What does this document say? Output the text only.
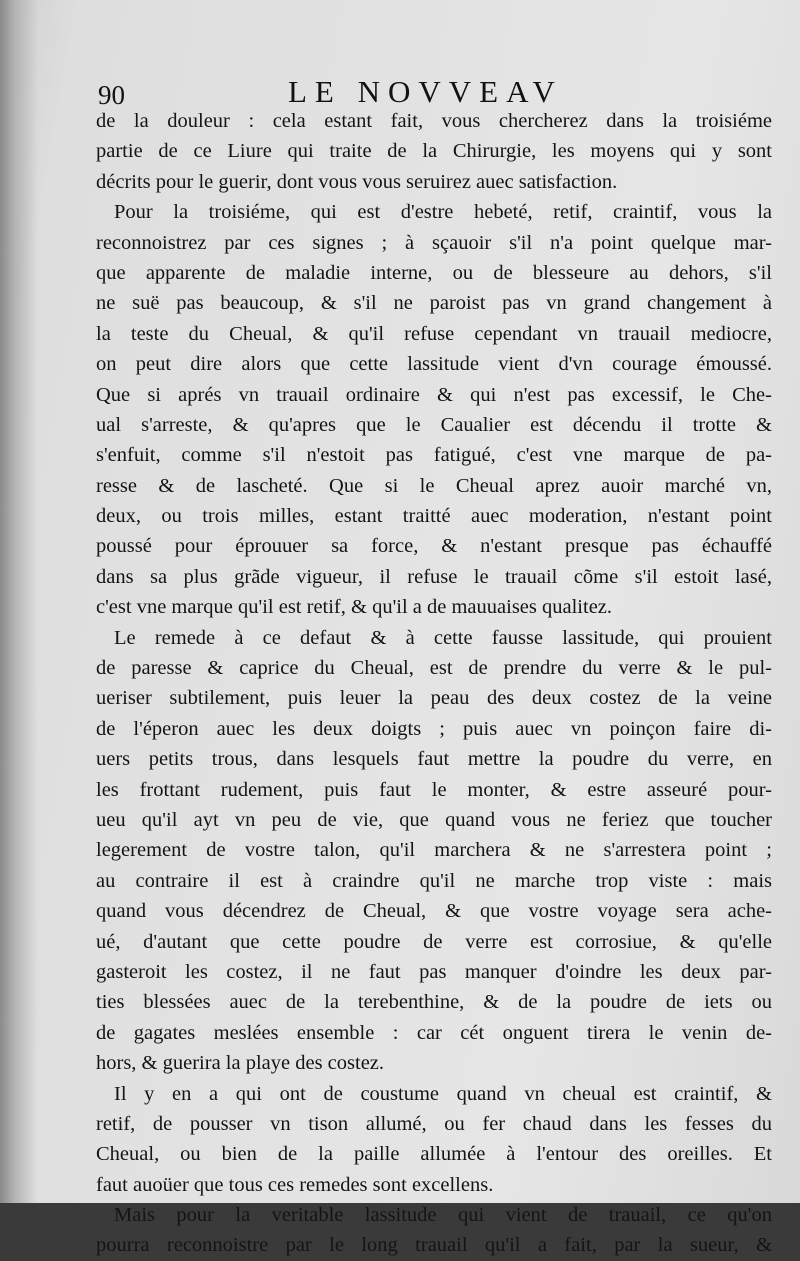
90	LE NOVVEAV
de la douleur : cela estant fait, vous chercherez dans la troisiéme
partie de ce Liure qui traite de la Chirurgie, les moyens qui y sont
décrits pour le guerir, dont vous vous seruirez auec satisfaction.
Pour la troisiéme, qui est d'estre hebeté, retif, craintif, vous la
reconnoistrez par ces signes ; à sçauoir s'il n'a point quelque mar-
que apparente de maladie interne, ou de blesseure au dehors, s'il
ne suë pas beaucoup, & s'il ne paroist pas vn grand changement à
la teste du Cheual, & qu'il refuse cependant vn trauail mediocre,
on peut dire alors que cette lassitude vient d'vn courage émoussé.
Que si aprés vn trauail ordinaire & qui n'est pas excessif, le Che-
ual s'arreste, & qu'apres que le Caualier est décendu il trotte &
s'enfuit, comme s'il n'estoit pas fatigué, c'est vne marque de pa-
resse & de lascheté. Que si le Cheual aprez auoir marché vn,
deux, ou trois milles, estant traitté auec moderation, n'estant point
poussé pour éprouuer sa force, & n'estant presque pas échauffé
dans sa plus grãde vigueur, il refuse le trauail cõme s'il estoit lasé,
c'est vne marque qu'il est retif, & qu'il a de mauuaises qualitez.
Le remede à ce defaut & à cette fausse lassitude, qui prouient
de paresse & caprice du Cheual, est de prendre du verre & le pul-
ueriser subtilement, puis leuer la peau des deux costez de la veine
de l'éperon auec les deux doigts ; puis auec vn poinçon faire di-
uers petits trous, dans lesquels faut mettre la poudre du verre, en
les frottant rudement, puis faut le monter, & estre asseuré pour-
ueu qu'il ayt vn peu de vie, que quand vous ne feriez que toucher
legerement de vostre talon, qu'il marchera & ne s'arrestera point ;
au contraire il est à craindre qu'il ne marche trop viste : mais
quand vous décendrez de Cheual, & que vostre voyage sera ache-
ué, d'autant que cette poudre de verre est corrosiue, & qu'elle
gasteroit les costez, il ne faut pas manquer d'oindre les deux par-
ties blessées auec de la terebenthine, & de la poudre de iets ou
de gagates meslées ensemble : car cét onguent tirera le venin de-
hors, & guerira la playe des costez.
Il y en a qui ont de coustume quand vn cheual est craintif, &
retif, de pousser vn tison allumé, ou fer chaud dans les fesses du
Cheual, ou bien de la paille allumée à l'entour des oreilles. Et
faut auoüer que tous ces remedes sont excellens.
Mais pour la veritable lassitude qui vient de trauail, ce qu'on
pourra reconnoistre par le long trauail qu'il a fait, par la sueur, &
